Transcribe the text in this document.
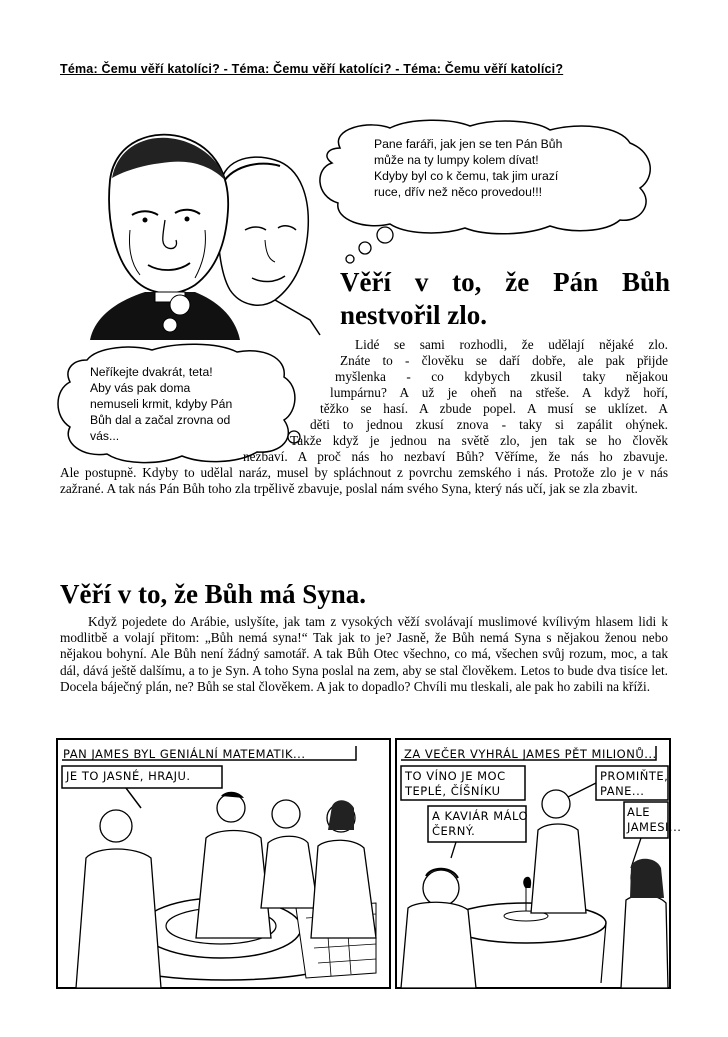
Téma: Čemu věří katolíci? - Téma: Čemu věří katolíci? - Téma: Čemu věří katolíci?
Pane faráři, jak jen se ten Pán Bůh
může na ty lumpy kolem dívat!
Kdyby byl co k čemu, tak jim urazí
ruce, dřív než něco provedou!!!
Neříkejte dvakrát, teta!
Aby vás pak doma
nemuseli krmit, kdyby Pán
Bůh dal a začal zrovna od
vás...
Věří v to, že Pán Bůh
nestvořil zlo.
Lidé se sami rozhodli, že udělají nějaké zlo.
Znáte to - člověku se daří dobře, ale pak přijde
myšlenka - co kdybych zkusil taky nějakou
lumpárnu? A už je oheň na střeše. A když hoří,
těžko se hasí. A zbude popel. A musí se uklízet. A
děti to jednou zkusí znova - taky si zapálit ohýnek.
Takže když je jednou na světě zlo, jen tak se ho člověk
nezbaví. A proč nás ho nezbaví Bůh? Věříme, že nás ho zbavuje.
Ale postupně. Kdyby to udělal naráz, musel by spláchnout z povrchu zemského i nás. Protože zlo je v nás zažrané. A tak nás Pán Bůh toho zla trpělivě zbavuje, poslal nám svého Syna, který nás učí, jak se zla zbavit.
Věří v to, že Bůh má Syna.
Když pojedete do Arábie, uslyšíte, jak tam z vysokých věží svolávají muslimové kvílivým hlasem lidi k modlitbě a volají přitom: „Bůh nemá syna!“ Tak jak to je? Jasně, že Bůh nemá Syna s nějakou ženou nebo nějakou bohyní. Ale Bůh není žádný samotář. A tak Bůh Otec všechno, co má, všechen svůj rozum, moc, a tak dál, dává ještě dalšímu, a to je Syn. A toho Syna poslal na zem, aby se stal člověkem. Letos to bude dva tisíce let. Docela báječný plán, ne? Bůh se stal člověkem. A jak to dopadlo? Chvíli mu tleskali, ale pak ho zabili na kříži.
PAN JAMES BYL GENIÁLNÍ MATEMATIK...
JE TO JASNÉ, HRAJU.
ZA VEČER VYHRÁL JAMES PĚT MILIONŮ...
TO VÍNO JE MOC
TEPLÉ, ČÍŠNÍKU
A KAVIÁR MÁLO
ČERNÝ.
PROMIŇTE,
PANE...
ALE
JAMESI...
